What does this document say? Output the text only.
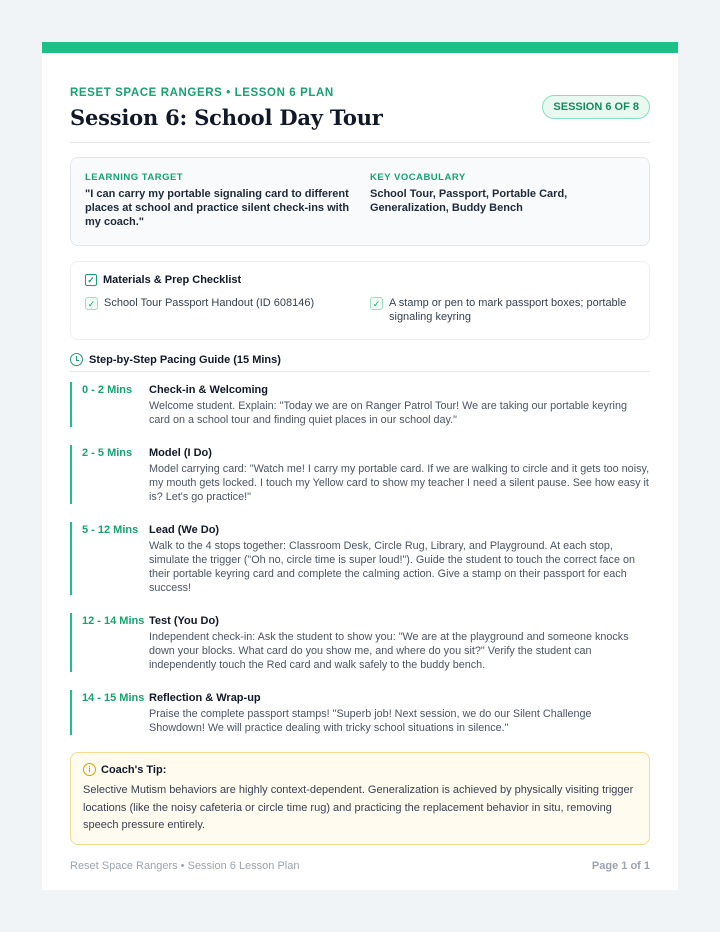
SESSION 6 OF 8
RESET SPACE RANGERS • LESSON 6 PLAN
Session 6: School Day Tour
LEARNING TARGET
"I can carry my portable signaling card to different places at school and practice silent check-ins with my coach."
KEY VOCABULARY
School Tour, Passport, Portable Card, Generalization, Buddy Bench
✓ Materials & Prep Checklist
✓ School Tour Passport Handout (ID 608146)	✓ A stamp or pen to mark passport boxes; portable signaling keyring
Step-by-Step Pacing Guide (15 Mins)
0 - 2 Mins	Check-in & Welcoming
Welcome student. Explain: "Today we are on Ranger Patrol Tour! We are taking our portable keyring card on a school tour and finding quiet places in our school day."
2 - 5 Mins	Model (I Do)
Model carrying card: "Watch me! I carry my portable card. If we are walking to circle and it gets too noisy, my mouth gets locked. I touch my Yellow card to show my teacher I need a silent pause. See how easy it is? Let's go practice!"
5 - 12 Mins Lead (We Do)
Walk to the 4 stops together: Classroom Desk, Circle Rug, Library, and Playground. At each stop, simulate the trigger ("Oh no, circle time is super loud!"). Guide the student to touch the correct face on their portable keyring card and complete the calming action. Give a stamp on their passport for each success!
12 - 14 Mins Test (You Do)
Independent check-in: Ask the student to show you: "We are at the playground and someone knocks down your blocks. What card do you show me, and where do you sit?" Verify the student can independently touch the Red card and walk safely to the buddy bench.
14 - 15 Mins Reflection & Wrap-up
Praise the complete passport stamps! "Superb job! Next session, we do our Silent Challenge Showdown! We will practice dealing with tricky school situations in silence."
i Coach's Tip:
Selective Mutism behaviors are highly context-dependent. Generalization is achieved by physically visiting trigger locations (like the noisy cafeteria or circle time rug) and practicing the replacement behavior in situ, removing speech pressure entirely.
Reset Space Rangers • Session 6 Lesson Plan	Page 1 of 1
